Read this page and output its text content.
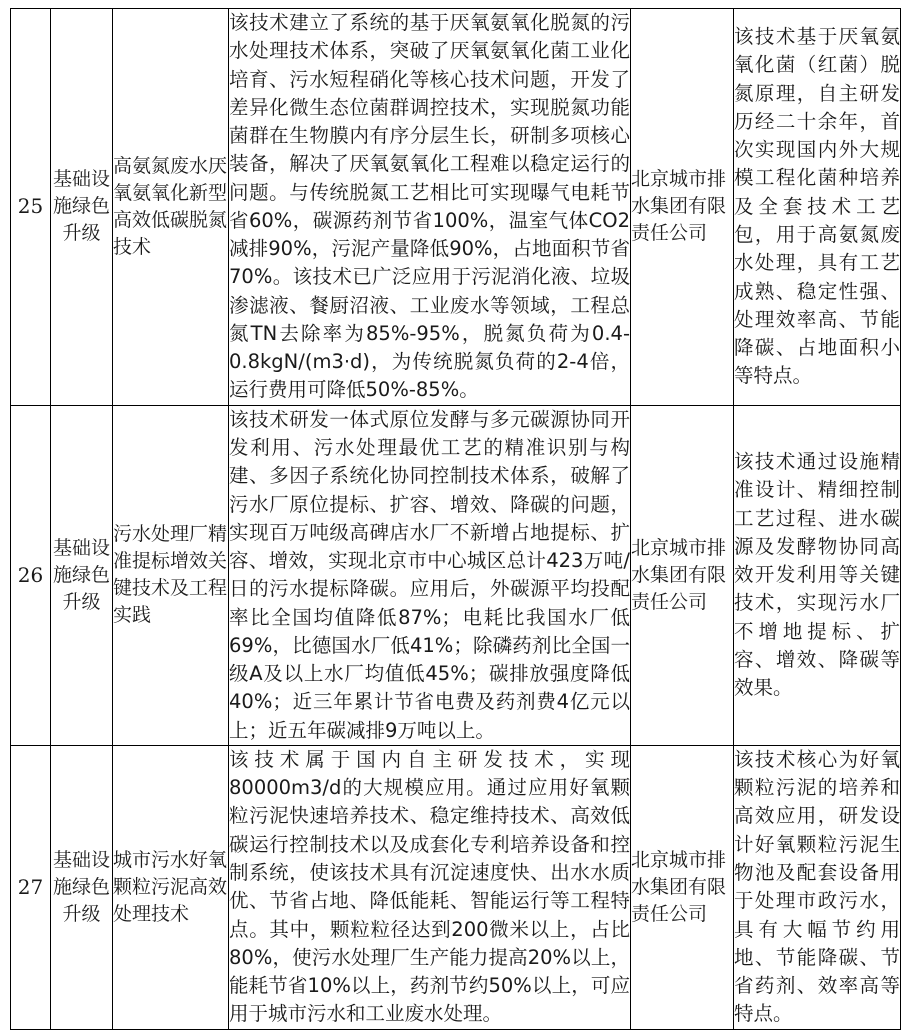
25	基础设施绿色升级	高氨氮废水厌氧氨氧化新型高效低碳脱氮技术	该技术建立了系统的基于厌氧氨氧化脱氮的污水处理技术体系，突破了厌氧氨氧化菌工业化培育、污水短程硝化等核心技术问题，开发了差异化微生态位菌群调控技术，实现脱氮功能菌群在生物膜内有序分层生长，研制多项核心装备，解决了厌氧氨氧化工程难以稳定运行的问题。与传统脱氮工艺相比可实现曝气电耗节省60%，碳源药剂节省100%，温室气体CO2减排90%，污泥产量降低90%，占地面积节省70%。该技术已广泛应用于污泥消化液、垃圾渗滤液、餐厨沼液、工业废水等领域，工程总氮TN去除率为85%-95%，脱氮负荷为0.4-0.8kgN/(m3·d)，为传统脱氮负荷的2-4倍，运行费用可降低50%-85%。	北京城市排水集团有限责任公司	该技术基于厌氧氨氧化菌（红菌）脱氮原理，自主研发历经二十余年，首次实现国内外大规模工程化菌种培养及全套技术工艺包，用于高氨氮废水处理，具有工艺成熟、稳定性强、处理效率高、节能降碳、占地面积小等特点。
26	基础设施绿色升级	污水处理厂精准提标增效关键技术及工程实践	该技术研发一体式原位发酵与多元碳源协同开发利用、污水处理最优工艺的精准识别与构建、多因子系统化协同控制技术体系，破解了污水厂原位提标、扩容、增效、降碳的问题，实现百万吨级高碑店水厂不新增占地提标、扩容、增效，实现北京市中心城区总计423万吨/日的污水提标降碳。应用后，外碳源平均投配率比全国均值降低87%；电耗比我国水厂低69%，比德国水厂低41%；除磷药剂比全国一级A及以上水厂均值低45%；碳排放强度降低40%；近三年累计节省电费及药剂费4亿元以上；近五年碳减排9万吨以上。	北京城市排水集团有限责任公司	该技术通过设施精准设计、精细控制工艺过程、进水碳源及发酵物协同高效开发利用等关键技术，实现污水厂不增地提标、扩容、增效、降碳等效果。
27	基础设施绿色升级	城市污水好氧颗粒污泥高效处理技术	该技术属于国内自主研发技术，实现80000m3/d的大规模应用。通过应用好氧颗粒污泥快速培养技术、稳定维持技术、高效低碳运行控制技术以及成套化专利培养设备和控制系统，使该技术具有沉淀速度快、出水水质优、节省占地、降低能耗、智能运行等工程特点。其中，颗粒粒径达到200微米以上，占比80%，使污水处理厂生产能力提高20%以上，能耗节省10%以上，药剂节约50%以上，可应用于城市污水和工业废水处理。	北京城市排水集团有限责任公司	该技术核心为好氧颗粒污泥的培养和高效应用，研发设计好氧颗粒污泥生物池及配套设备用于处理市政污水，具有大幅节约用地、节能降碳、节省药剂、效率高等特点。
